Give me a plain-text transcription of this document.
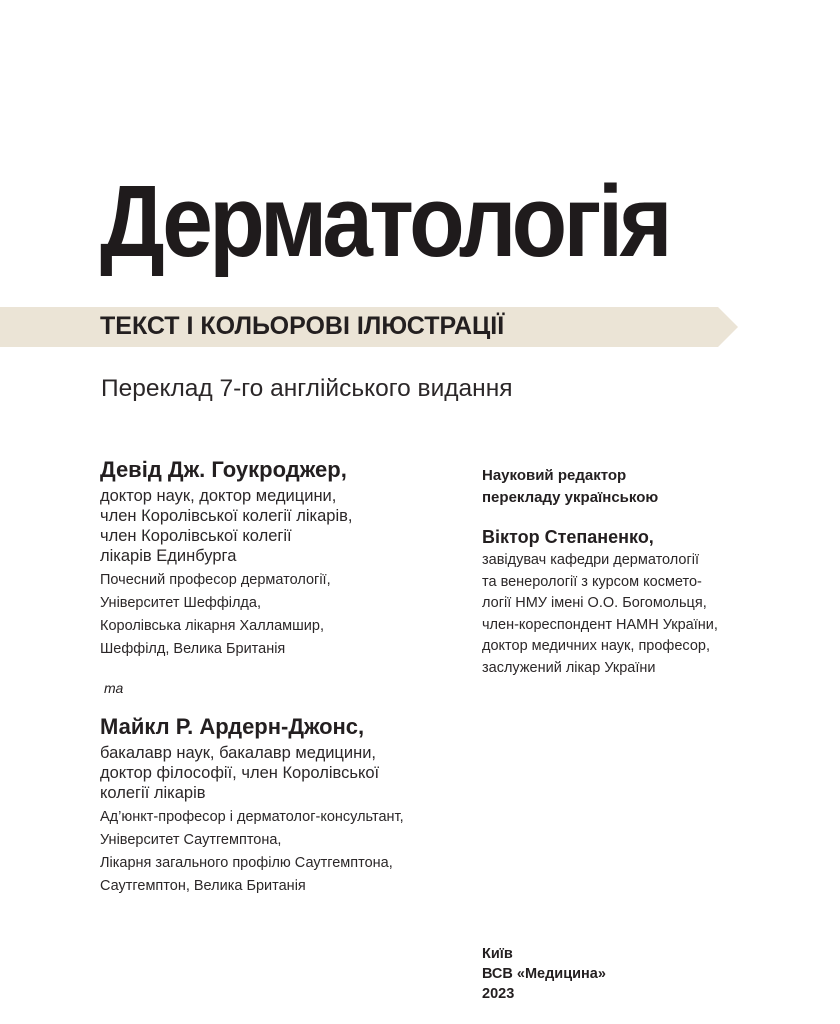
Дерматологія
ТЕКСТ І КОЛЬОРОВІ ІЛЮСТРАЦІЇ
Переклад 7-го англійського видання
Девід Дж. Гоукроджер,
доктор наук, доктор медицини,
член Королівської колегії лікарів,
член Королівської колегії
лікарів Единбурга
Почесний професор дерматології,
Університет Шеффілда,
Королівська лікарня Халламшир,
Шеффілд, Велика Британія
та
Майкл Р. Ардерн-Джонс,
бакалавр наук, бакалавр медицини,
доктор філософії, член Королівської
колегії лікарів
Ад’юнкт-професор і дерматолог-консультант,
Університет Саутгемптона,
Лікарня загального профілю Саутгемптона,
Саутгемптон, Велика Британія
Науковий редактор
перекладу українською
Віктор Степаненко,
завідувач кафедри дерматології
та венерології з курсом космето-
логії НМУ імені О.О. Богомольця,
член-кореспондент НАМН України,
доктор медичних наук, професор,
заслужений лікар України
Київ
ВСВ «Медицина»
2023
